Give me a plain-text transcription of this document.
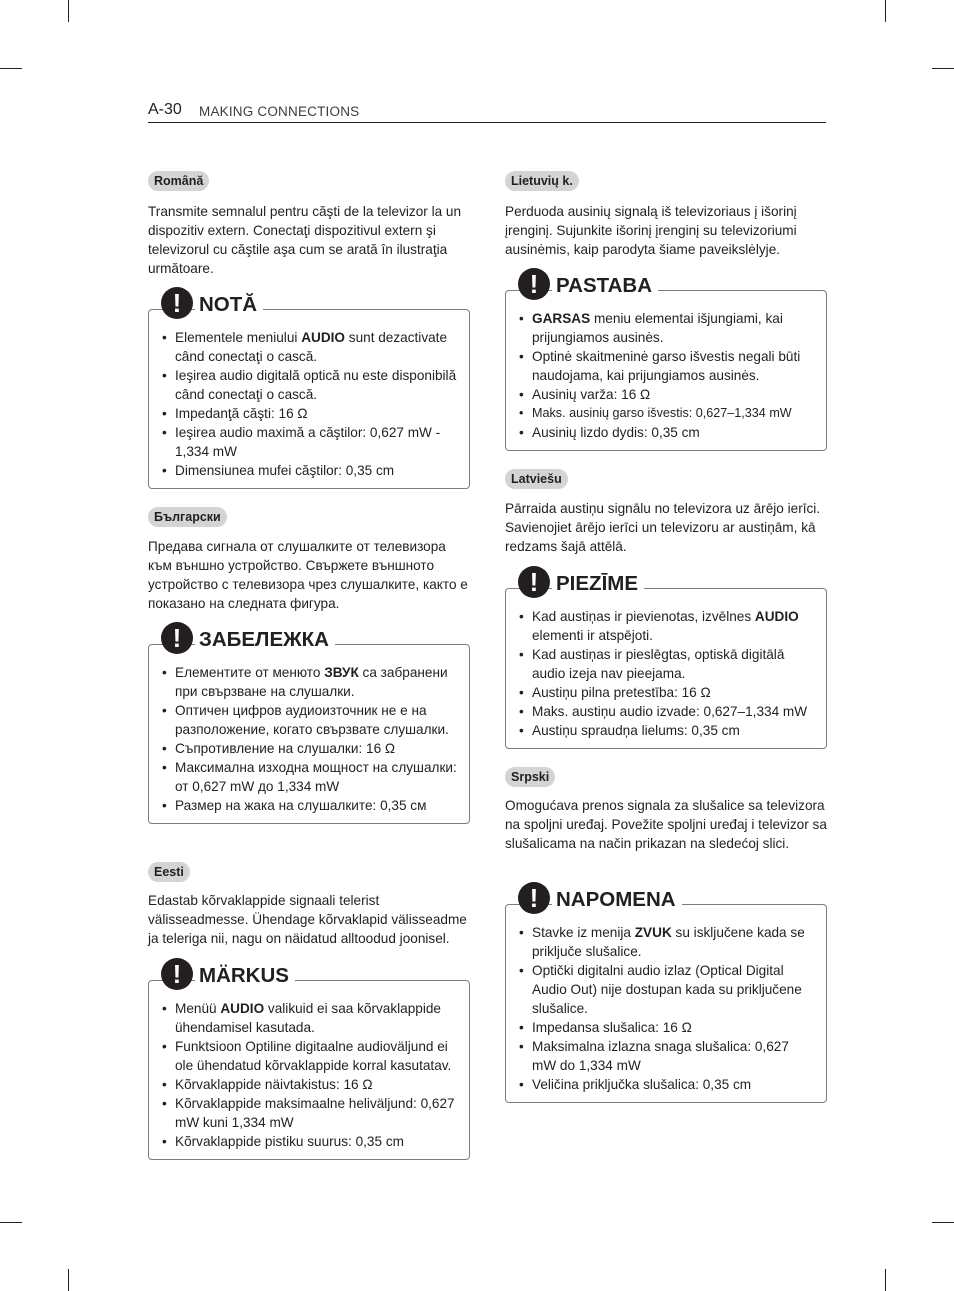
A-30 MAKING CONNECTIONS
Română

Transmite semnalul pentru căşti de la televizor la un dispozitiv extern. Conectaţi dispozitivul extern şi televizorul cu căştile aşa cum se arată în ilustraţia următoare.

! NOTĂ
• Elementele meniului AUDIO sunt dezactivate când conectaţi o cască.
• Ieşirea audio digitală optică nu este disponibilă când conectaţi o cască.
• Impedanţă căşti: 16 Ω
• Ieşirea audio maximă a căştilor: 0,627 mW - 1,334 mW
• Dimensiunea mufei căştilor: 0,35 cm
Български

Предава сигнала от слушалките от телевизора към външно устройство. Свържете външното устройство с телевизора чрез слушалките, както е показано на следната фигура.

! ЗАБЕЛЕЖКА
• Елементите от менюто ЗВУК са забранени при свързване на слушалки.
• Оптичен цифров аудиоизточник не е на разположение, когато свързвате слушалки.
• Съпротивление на слушалки: 16 Ω
• Максимална изходна мощност на слушалки: от 0,627 mW до 1,334 mW
• Размер на жака на слушалките: 0,35 см
Eesti

Edastab kõrvaklappide signaali telerist välisseadmesse. Ühendage kõrvaklapid välisseadme ja teleriga nii, nagu on näidatud alltoodud joonisel.

! MÄRKUS
• Menüü AUDIO valikuid ei saa kõrvaklappide ühendamisel kasutada.
• Funktsioon Optiline digitaalne audioväljund ei ole ühendatud kõrvaklappide korral kasutatav.
• Kõrvaklappide näivtakistus: 16 Ω
• Kõrvaklappide maksimaalne heliväljund: 0,627 mW kuni 1,334 mW
• Kõrvaklappide pistiku suurus: 0,35 cm
Lietuvių k.

Perduoda ausinių signalą iš televizoriaus į išorinį įrenginį. Sujunkite išorinį įrenginį su televizoriumi ausinėmis, kaip parodyta šiame paveikslėlyje.

! PASTABA
• GARSAS meniu elementai išjungiami, kai prijungiamos ausinės.
• Optinė skaitmeninė garso išvestis negali būti naudojama, kai prijungiamos ausinės.
• Ausinių varža: 16 Ω
• Maks. ausinių garso išvestis: 0,627–1,334 mW
• Ausinių lizdo dydis: 0,35 cm
Latviešu

Pārraida austiņu signālu no televizora uz ārējo ierīci. Savienojiet ārējo ierīci un televizoru ar austiņām, kā redzams šajā attēlā.

! PIEZĪME
• Kad austiņas ir pievienotas, izvēlnes AUDIO elementi ir atspējoti.
• Kad austiņas ir pieslēgtas, optiskā digitālā audio izeja nav pieejama.
• Austiņu pilna pretestība: 16 Ω
• Maks. austiņu audio izvade: 0,627–1,334 mW
• Austiņu spraudņa lielums: 0,35 cm
Srpski

Omogućava prenos signala za slušalice sa televizora na spoljni uređaj. Povežite spoljni uređaj i televizor sa slušalicama na način prikazan na sledećoj slici.

! NAPOMENA
• Stavke iz menija ZVUK su isključene kada se priključe slušalice.
• Optički digitalni audio izlaz (Optical Digital Audio Out) nije dostupan kada su priključene slušalice.
• Impedansa slušalica: 16 Ω
• Maksimalna izlazna snaga slušalica: 0,627 mW do 1,334 mW
• Veličina priključka slušalica: 0,35 cm
